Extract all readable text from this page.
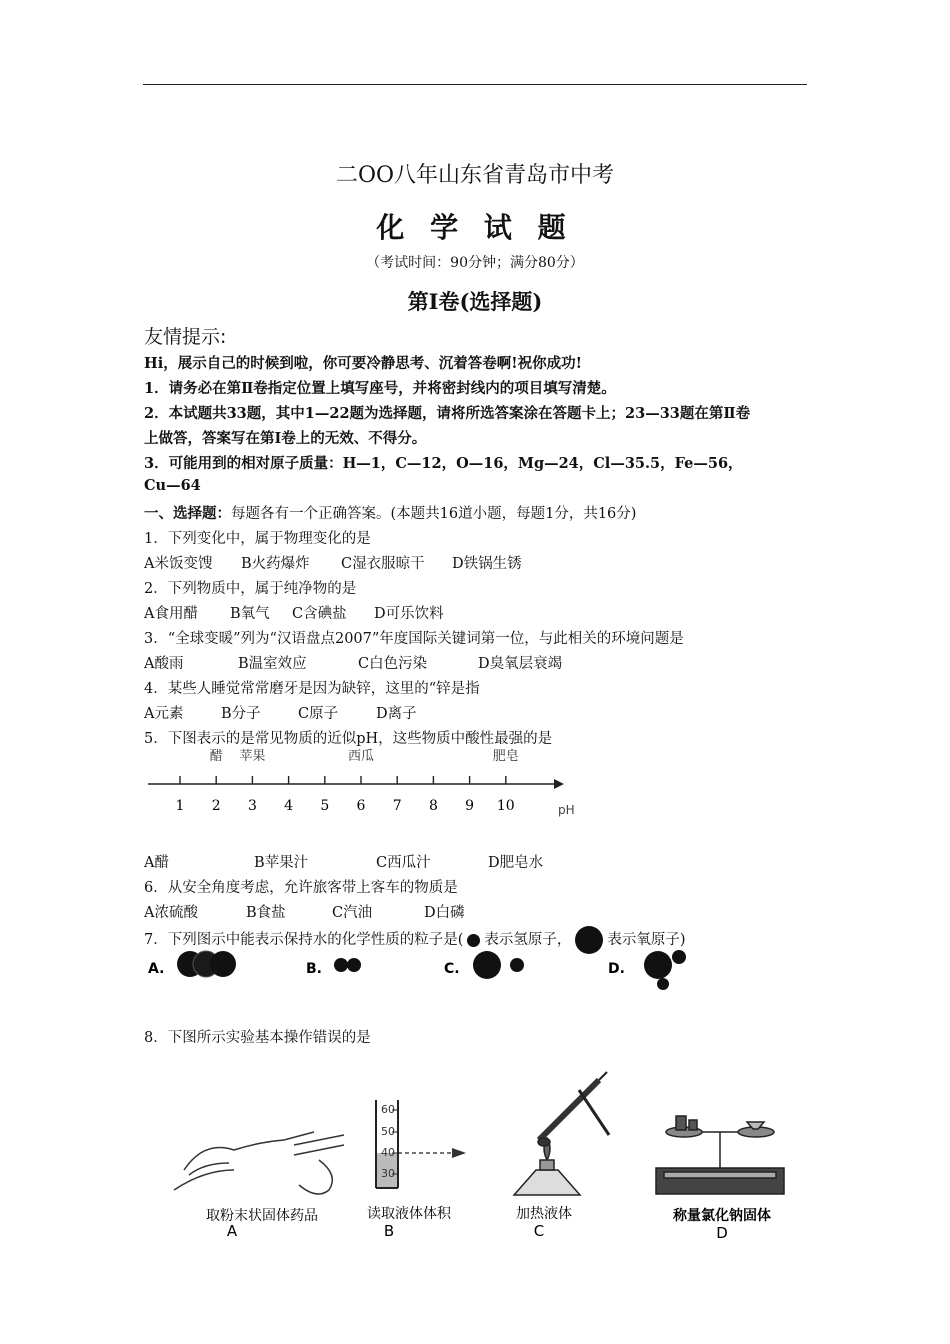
二OO八年山东省青岛市中考
化 学 试 题
（考试时间：90分钟；满分80分）
第Ⅰ卷(选择题)
友情提示:
Hi，展示自己的时候到啦，你可要冷静思考、沉着答卷啊!祝你成功!
1．请务必在第Ⅱ卷指定位置上填写座号，并将密封线内的项目填写清楚。
2．本试题共33题，其中1—22题为选择题，请将所选答案涂在答题卡上；23—33题在第Ⅱ卷
上做答，答案写在第Ⅰ卷上的无效、不得分。
3．可能用到的相对原子质量：H—1，C—12，O—16，Mg—24，Cl—35.5，Fe—56，
Cu—64
一、选择题：每题各有一个正确答案。(本题共16道小题，每题1分，共16分)
1．下列变化中，属于物理变化的是
A米饭变馊 B火药爆炸 C湿衣服晾干 D铁锅生锈
2．下列物质中，属于纯净物的是
A食用醋 B氧气 C含碘盐 D可乐饮料
3．“全球变暖”列为“汉语盘点2007”年度国际关键词第一位，与此相关的环境问题是
A酸雨	B温室效应	C白色污染	D臭氧层衰竭
4．某些人睡觉常常磨牙是因为缺锌，这里的“锌是指
A元素	B分子	C原子	D离子
5．下图表示的是常见物质的近似pH，这些物质中酸性最强的是
1 2 3 4 5 6 7 8 9 10
醋 苹果	西瓜	肥皂
pH
A醋	B苹果汁	C西瓜汁	D肥皂水
6．从安全角度考虑，允许旅客带上客车的物质是
A浓硫酸	B食盐	C汽油	D白磷
7．下列图示中能表示保持水的化学性质的粒子是( 表示氢原子， 表示氧原子)
A.	B.	C.	D.
8．下图所示实验基本操作错误的是
取粉末状固体药品
A
60
50
40
30
读取液体体积
B
加热液体
C
称量氯化钠固体
D
